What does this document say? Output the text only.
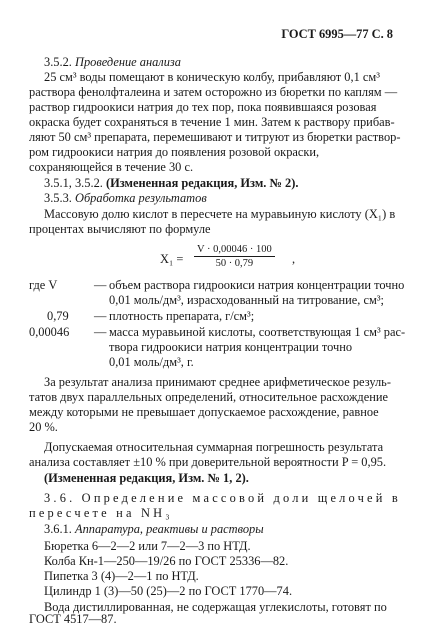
ГОСТ 6995—77 С. 8
3.5.2. Проведение анализа
25 см³ воды помещают в коническую колбу, прибавляют 0,1 см³
раствора фенолфталеина и затем осторожно из бюретки по каплям —
раствор гидроокиси натрия до тех пор, пока появившаяся розовая
окраска будет сохраняться в течение 1 мин. Затем к раствору прибав-
ляют 50 см³ препарата, перемешивают и титруют из бюретки раствор-
ром гидроокиси натрия до появления розовой окраски,
сохраняющейся в течение 30 с.
3.5.1, 3.5.2. (Измененная редакция, Изм. № 2).
3.5.3. Обработка результатов
Массовую долю кислот в пересчете на муравьиную кислоту (X₁) в
процентах вычисляют по формуле
$X_1 = \frac{V \cdot 0,00046 \cdot 100}{50 \cdot 0,79}$ ,
где V	— объем раствора гидроокиси натрия концентрации точно
0,01 моль/дм³, израсходованный на титрование, см³;
0,79 — плотность препарата, г/см³;
0,00046 — масса муравьиной кислоты, соответствующая 1 см³ рас-
твора гидроокиси натрия концентрации точно
0,01 моль/дм³, г.
За результат анализа принимают среднее арифметическое резуль-
татов двух параллельных определений, относительное расхождение
между которыми не превышает допускаемое расхождение, равное
20 %.
Допускаемая относительная суммарная погрешность результата
анализа составляет ±10 % при доверительной вероятности P = 0,95.
(Измененная редакция, Изм. № 1, 2).
3.6. Определение массовой доли щелочей в
пересчете на NH₃
3.6.1. Аппаратура, реактивы и растворы
Бюретка 6—2—2 или 7—2—3 по НТД.
Колба Кн-1—250—19/26 по ГОСТ 25336—82.
Пипетка 3 (4)—2—1 по НТД.
Цилиндр 1 (3)—50 (25)—2 по ГОСТ 1770—74.
Вода дистиллированная, не содержащая углекислоты, готовят по
ГОСТ 4517—87.
